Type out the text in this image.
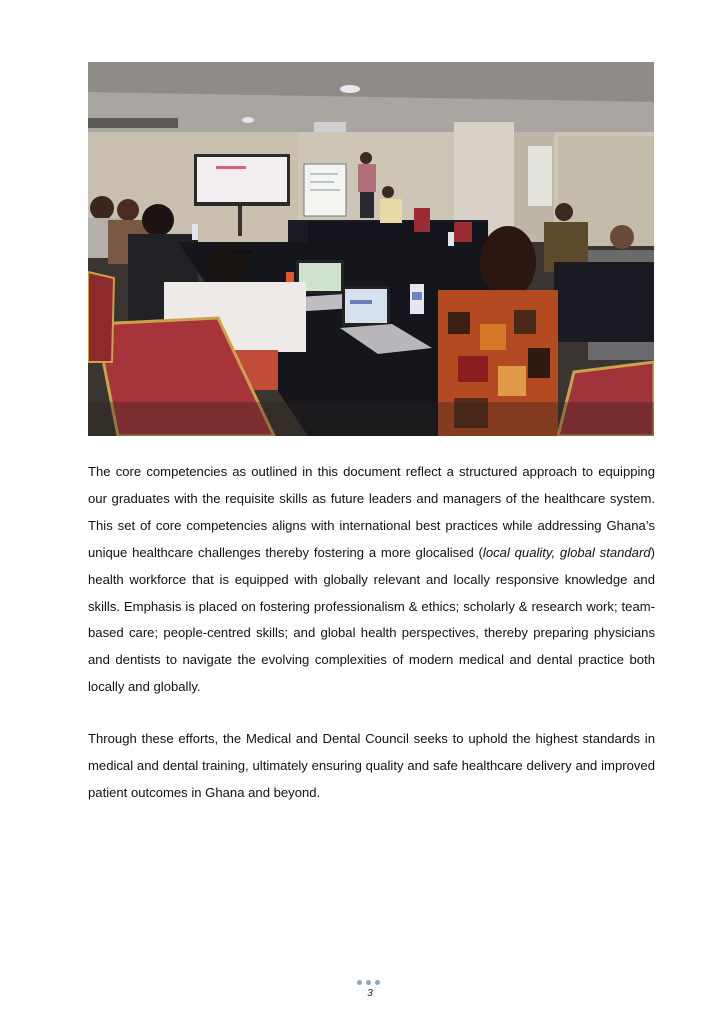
The core competencies as outlined in this document reflect a structured approach to equipping our graduates with the requisite skills as future leaders and managers of the healthcare system. This set of core competencies aligns with international best practices while addressing Ghana’s unique healthcare challenges thereby fostering a more glocalised (local quality, global standard) health workforce that is equipped with globally relevant and locally responsive knowledge and skills. Emphasis is placed on fostering professionalism & ethics; scholarly & research work; team-based care; people-centred skills; and global health perspectives, thereby preparing physicians and dentists to navigate the evolving complexities of modern medical and dental practice both locally and globally.

Through these efforts, the Medical and Dental Council seeks to uphold the highest standards in medical and dental training, ultimately ensuring quality and safe healthcare delivery and improved patient outcomes in Ghana and beyond.

3
